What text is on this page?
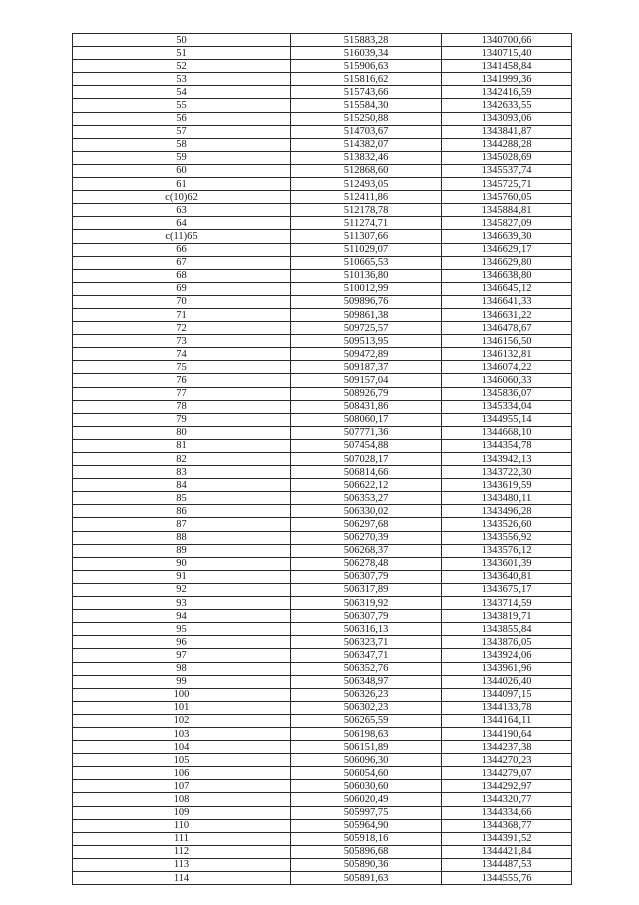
50	515883,28	1340700,66
51	516039,34	1340715,40
52	515906,63	1341458,84
53	515816,62	1341999,36
54	515743,66	1342416,59
55	515584,30	1342633,55
56	515250,88	1343093,06
57	514703,67	1343841,87
58	514382,07	1344288,28
59	513832,46	1345028,69
60	512868,60	1345537,74
61	512493,05	1345725,71
с(10)62	512411,86	1345760,05
63	512178,78	1345884,81
64	511274,71	1345827,09
с(11)65	511307,66	1346639,30
66	511029,07	1346629,17
67	510665,53	1346629,80
68	510136,80	1346638,80
69	510012,99	1346645,12
70	509896,76	1346641,33
71	509861,38	1346631,22
72	509725,57	1346478,67
73	509513,95	1346156,50
74	509472,89	1346132,81
75	509187,37	1346074,22
76	509157,04	1346060,33
77	508926,79	1345836,07
78	508431,86	1345334,04
79	508060,17	1344955,14
80	507771,36	1344668,10
81	507454,88	1344354,78
82	507028,17	1343942,13
83	506814,66	1343722,30
84	506622,12	1343619,59
85	506353,27	1343480,11
86	506330,02	1343496,28
87	506297,68	1343526,60
88	506270,39	1343556,92
89	506268,37	1343576,12
90	506278,48	1343601,39
91	506307,79	1343640,81
92	506317,89	1343675,17
93	506319,92	1343714,59
94	506307,79	1343819,71
95	506316,13	1343855,84
96	506323,71	1343876,05
97	506347,71	1343924,06
98	506352,76	1343961,96
99	506348,97	1344026,40
100	506326,23	1344097,15
101	506302,23	1344133,78
102	506265,59	1344164,11
103	506198,63	1344190,64
104	506151,89	1344237,38
105	506096,30	1344270,23
106	506054,60	1344279,07
107	506030,60	1344292,97
108	506020,49	1344320,77
109	505997,75	1344334,66
110	505964,90	1344368,77
111	505918,16	1344391,52
112	505896,68	1344421,84
113	505890,36	1344487,53
114	505891,63	1344555,76
